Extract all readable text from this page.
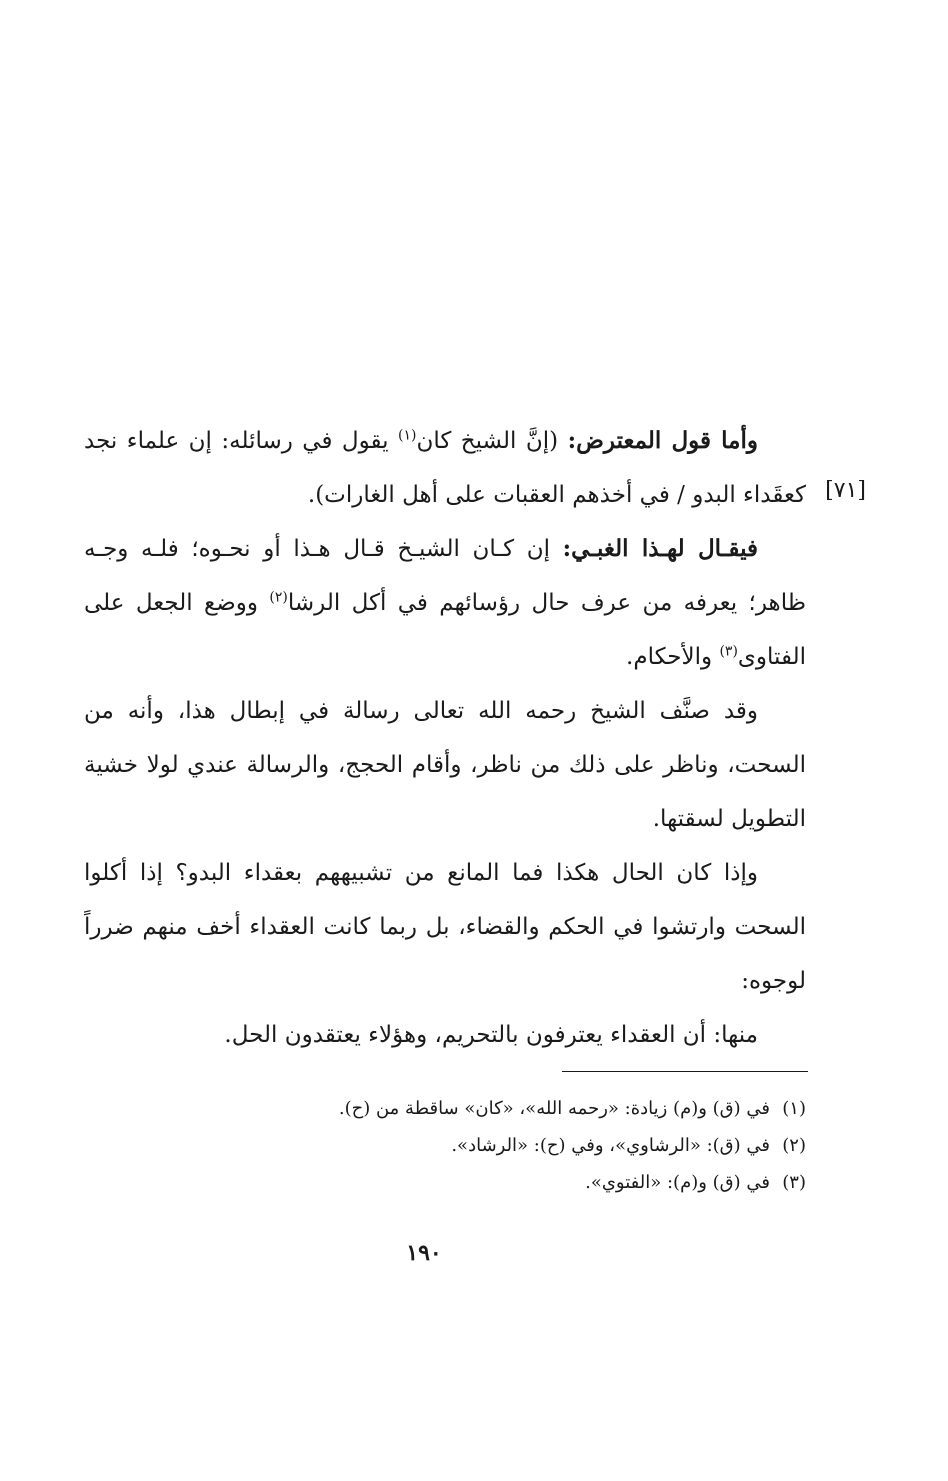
وأما قول المعترض: (إنَّ الشيخ كان$^{(١)}$ يقول في رسائله: إن علماء نجد كعقَداء البدو / في أخذهم العقبات على أهل الغارات).

فيقـال لهـذا الغبـي: إن كـان الشيـخ قـال هـذا أو نحـوه؛ فلـه وجـه ظاهر؛ يعرفه من عرف حال رؤسائهم في أكل الرشا$^{(٢)}$ ووضع الجعل على الفتاوى$^{(٣)}$ والأحكام.

وقد صنَّف الشيخ رحمه الله تعالى رسالة في إبطال هذا، وأنه من السحت، وناظر على ذلك من ناظر، وأقام الحجج، والرسالة عندي لولا خشية التطويل لسقتها.

وإذا كان الحال هكذا فما المانع من تشبيههم بعقداء البدو؟ إذا أكلوا السحت وارتشوا في الحكم والقضاء، بل ربما كانت العقداء أخف منهم ضرراً لوجوه:

منها: أن العقداء يعترفون بالتحريم، وهؤلاء يعتقدون الحل.

[٧١]
(١)في (ق) و(م) زيادة: «رحمه الله»، «كان» ساقطة من (ح).
(٢)في (ق): «الرشاوي»، وفي (ح): «الرشاد».
(٣)في (ق) و(م): «الفتوي».
١٩٠
